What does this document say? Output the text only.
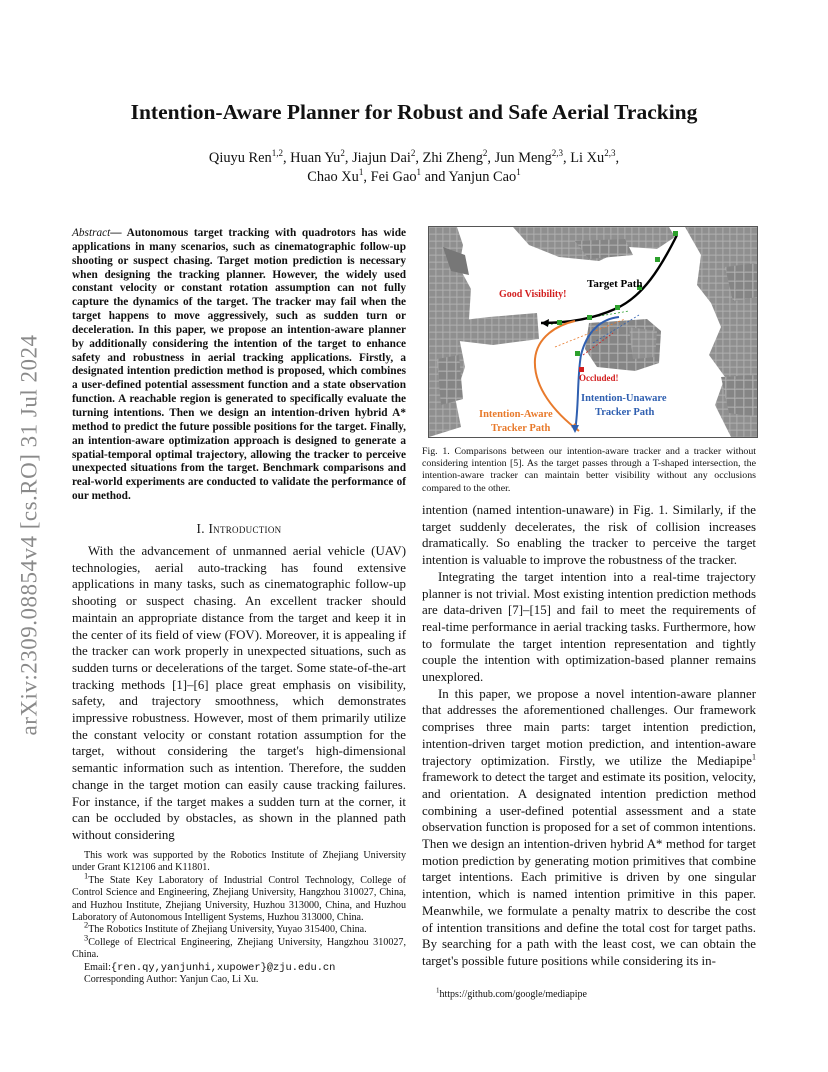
arXiv:2309.08854v4 [cs.RO] 31 Jul 2024
Intention-Aware Planner for Robust and Safe Aerial Tracking
Qiuyu Ren$^{1,2}$, Huan Yu$^2$, Jiajun Dai$^2$, Zhi Zheng$^2$, Jun Meng$^{2,3}$, Li Xu$^{2,3}$,
Chao Xu$^1$, Fei Gao$^1$ and Yanjun Cao$^1$
Abstract— Autonomous target tracking with quadrotors has wide applications in many scenarios, such as cinematographic follow-up shooting or suspect chasing. Target motion prediction is necessary when designing the tracking planner. However, the widely used constant velocity or constant rotation assumption can not fully capture the dynamics of the target. The tracker may fail when the target happens to move aggressively, such as sudden turn or deceleration. In this paper, we propose an intention-aware planner by additionally considering the intention of the target to enhance safety and robustness in aerial tracking applications. Firstly, a designated intention prediction method is proposed, which combines a user-defined potential assessment function and a state observation function. A reachable region is generated to specifically evaluate the turning intentions. Then we design an intention-driven hybrid A* method to predict the future possible positions for the target. Finally, an intention-aware optimization approach is designed to generate a spatial-temporal optimal trajectory, allowing the tracker to perceive unexpected situations from the target. Benchmark comparisons and real-world experiments are conducted to validate the performance of our method.
I. Introduction

With the advancement of unmanned aerial vehicle (UAV) technologies, aerial auto-tracking has found extensive applications in many tasks, such as cinematographic follow-up shooting or suspect chasing. An excellent tracker should maintain an appropriate distance from the target and keep it in the center of its field of view (FOV). Moreover, it is appealing if the tracker can work properly in unexpected situations, such as sudden turns or decelerations of the target. Some state-of-the-art tracking methods [1]–[6] place great emphasis on visibility, safety, and trajectory smoothness, which demonstrates impressive robustness. However, most of them primarily utilize the constant velocity or constant rotation assumption for the target, without considering the target's high-dimensional semantic information such as intention. Therefore, the sudden change in the target motion can easily cause tracking failures. For instance, if the target makes a sudden turn at the corner, it can be occluded by obstacles, as shown in the planned path without considering

This work was supported by the Robotics Institute of Zhejiang University under Grant K12106 and K11801.

$^1$The State Key Laboratory of Industrial Control Technology, College of Control Science and Engineering, Zhejiang University, Hangzhou 310027, China, and Huzhou Institute, Zhejiang University, Huzhou 313000, China, and Huzhou Laboratory of Autonomous Intelligent Systems, Huzhou 313000, China.

$^2$The Robotics Institute of Zhejiang University, Yuyao 315400, China.

$^3$College of Electrical Engineering, Zhejiang University, Hangzhou 310027, China.

Email:{ren.qy,yanjunhi,xupower}@zju.edu.cn

Corresponding Author: Yanjun Cao, Li Xu.

Target Path
Good Visibility!
Occluded!
Intention-Unaware
Tracker Path
Intention-Aware
Tracker Path
Fig. 1. Comparisons between our intention-aware tracker and a tracker without considering intention [5]. As the target passes through a T-shaped intersection, the intention-aware tracker can maintain better visibility without any occlusions compared to the other.

intention (named intention-unaware) in Fig. 1. Similarly, if the target suddenly decelerates, the risk of collision increases dramatically. So enabling the tracker to perceive the target intention is valuable to improve the robustness of the tracker.

Integrating the target intention into a real-time trajectory planner is not trivial. Most existing intention prediction methods are data-driven [7]–[15] and fail to meet the requirements of real-time performance in aerial tracking tasks. Furthermore, how to formulate the target intention representation and tightly couple the intention with optimization-based planner remains unexplored.

In this paper, we propose a novel intention-aware planner that addresses the aforementioned challenges. Our framework comprises three main parts: target intention prediction, intention-driven target motion prediction, and intention-aware trajectory optimization. Firstly, we utilize the Mediapipe$^1$ framework to detect the target and estimate its position, velocity, and orientation. A designated intention prediction method combining a user-defined potential assessment and a state observation function is proposed for a set of common intentions. Then we design an intention-driven hybrid A* method for target motion prediction by generating motion primitives that combine target intentions. Each primitive is driven by one singular intention, which is named intention primitive in this paper. Meanwhile, we formulate a penalty matrix to describe the cost of intention transitions and define the total cost for target paths. By searching for a path with the least cost, we can obtain the target's possible future positions while considering its in-

$^1$https://github.com/google/mediapipe
